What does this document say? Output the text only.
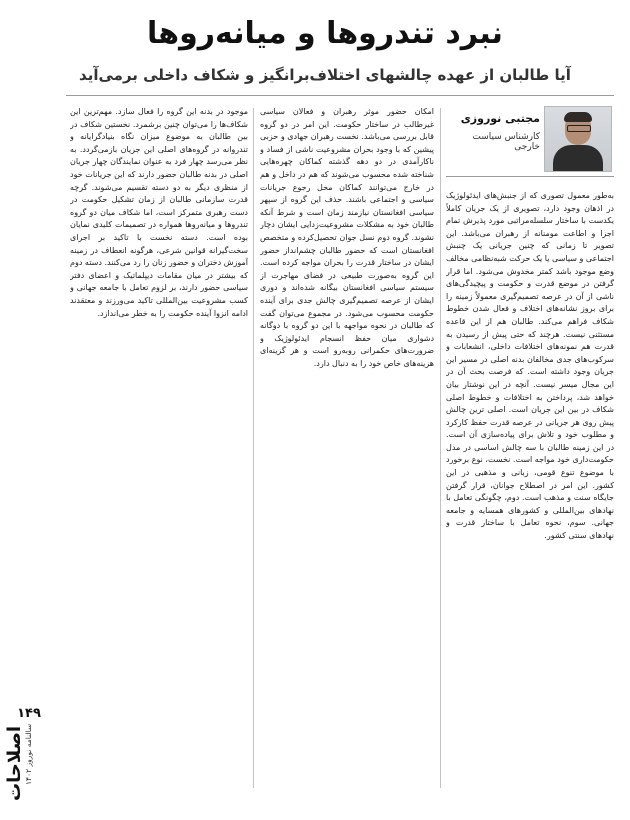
نبرد تندروها و میانه‌روها
آیا طالبان از عهده چالشهای اختلاف‌برانگیز و شکاف داخلی برمی‌آید
مجتبی نوروزی
کارشناس سیاست خارجی

به‌طور معمول تصوری که از جنبش‌های ایدئولوژیک در اذهان وجود دارد، تصویری از یک جریان کاملاً یکدست با ساختار سلسله‌مراتبی مورد پذیرش تمام اجزا و اطاعت مومنانه از رهبران می‌باشد. این تصویر تا زمانی که چنین جریانی یک چنبش اجتماعی و سیاسی یا یک حرکت شبه‌نظامی مخالف وضع موجود باشد کمتر مخدوش می‌شود. اما قرار گرفتن در موضع قدرت و حکومت و پیچیدگی‌های ناشی از آن در عرصه تصمیم‌گیری معمولاً زمینه را برای بروز نشانه‌های اختلاف و فعال شدن خطوط شکاف فراهم می‌کند. طالبان هم از این قاعده مستثنی نیست. هرچند که حتی پیش از رسیدن به قدرت هم نمونه‌های اختلافات داخلی، انشعابات و سرکوب‌های جدی مخالفان بدنه اصلی در مسیر این جریان وجود داشته است. که فرصت بحث آن در این مجال میسر نیست. آنچه در این نوشتار بیان خواهد شد، پرداختن به اختلافات و خطوط اصلی شکاف در بین این جریان است. اصلی ترین چالش پیش روی هر جریانی در عرصه قدرت حفظ کارکرد و مطلوب خود و تلاش برای پیاده‌سازی آن است. در این زمینه طالبان با سه چالش اساسی در مدل حکومت‌داری خود مواجه است. نخست، نوع برخورد با موضوع تنوع قومی، زبانی و مذهبی در این کشور. این امر در اصطلاح جوانان، قرار گرفتن جایگاه سنت و مذهب است. دوم، چگونگی تعامل با نهادهای بین‌المللی و کشورهای همسایه و جامعه جهانی. سوم، نحوه تعامل با ساختار قدرت و نهادهای سنتی کشور.

امکان حضور موثر رهبران و فعالان سیاسی غیرطالب در ساختار حکومت. این امر در دو گروه قابل بررسی می‌باشد. نخست رهبران جهادی و حزبی پیشین که با وجود بحران مشروعیت ناشی از فساد و ناکارآمدی در دو دهه گذشته کماکان چهره‌هایی شناخته شده محسوب می‌شوند که هم در داخل و هم در خارج می‌توانند کماکان محل رجوع جریانات سیاسی و اجتماعی باشند. حذف این گروه از سپهر سیاسی افغانستان نیازمند زمان است و شرط آنکه طالبان خود به مشکلات مشروعیت‌زدایی ایشان دچار نشوند. گروه دوم نسل جوان تحصیل‌کرده و متخصص افغانستان است که حضور طالبان چشم‌انداز حضور ایشان در ساختار قدرت را بحران مواجه کرده است. این گروه به‌صورت طبیعی در فضای مهاجرت از سیستم سیاسی افغانستان بیگانه شده‌اند و دوری ایشان از عرصه تصمیم‌گیری چالش جدی برای آینده حکومت محسوب می‌شود. در مجموع می‌توان گفت که طالبان در نحوه مواجهه با این دو گروه با دوگانه دشواری میان حفظ انسجام ایدئولوژیک و ضرورت‌های حکمرانی روبه‌رو است و هر گزینه‌ای هزینه‌های خاص خود را به دنبال دارد.

موجود در بدنه این گروه را فعال سازد. مهم‌ترین این شکاف‌ها را می‌توان چنین برشمرد. نخستین شکاف در بین طالبان به موضوع میزان نگاه بنیادگرایانه و تندروانه در گروه‌های اصلی این جریان بازمی‌گردد. به نظر می‌رسد چهار فرد به عنوان نمایندگان چهار جریان اصلی در بدنه طالبان حضور دارند که این جریانات خود از منظری دیگر به دو دسته تقسیم می‌شوند. گرچه قدرت سازمانی طالبان از زمان تشکیل حکومت در دست رهبری متمرکز است، اما شکاف میان دو گروه تندروها و میانه‌روها همواره در تصمیمات کلیدی نمایان بوده است. دسته نخست با تاکید بر اجرای سخت‌گیرانه قوانین شرعی، هرگونه انعطاف در زمینه آموزش دختران و حضور زنان را رد می‌کنند. دسته دوم که بیشتر در میان مقامات دیپلماتیک و اعضای دفتر سیاسی حضور دارند، بر لزوم تعامل با جامعه جهانی و کسب مشروعیت بین‌المللی تاکید می‌ورزند و معتقدند ادامه انزوا آینده حکومت را به خطر می‌اندازد.

۱۴۹
اصلاحات سالنامه نوروز ۱۴۰۲
